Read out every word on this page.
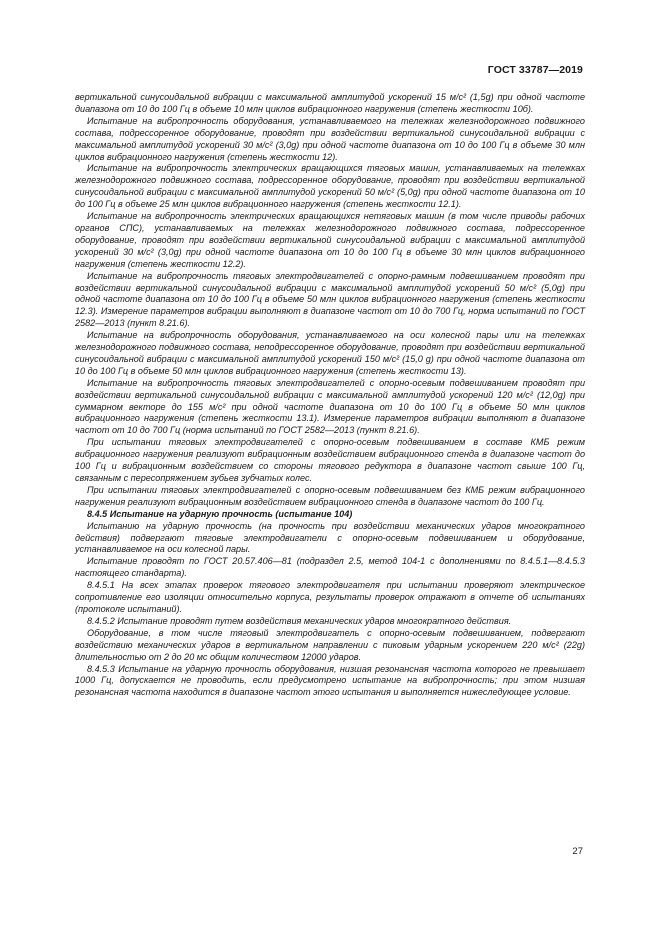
ГОСТ 33787—2019

вертикальной синусоидальной вибрации с максимальной амплитудой ускорений 15 м/с² (1,5g) при одной частоте диапазона от 10 до 100 Гц в объеме 10 млн циклов вибрационного нагружения (степень жесткости 10б).

Испытание на вибропрочность оборудования, устанавливаемого на тележках железнодорожного подвижного состава, подрессоренное оборудование, проводят при воздействии вертикальной синусоидальной вибрации с максимальной амплитудой ускорений 30 м/с² (3,0g) при одной частоте диапазона от 10 до 100 Гц в объеме 30 млн циклов вибрационного нагружения (степень жесткости 12).

Испытание на вибропрочность электрических вращающихся тяговых машин, устанавливаемых на тележках железнодорожного подвижного состава, подрессоренное оборудование, проводят при воздействии вертикальной синусоидальной вибрации с максимальной амплитудой ускорений 50 м/с² (5,0g) при одной частоте диапазона от 10 до 100 Гц в объеме 25 млн циклов вибрационного нагружения (степень жесткости 12.1).

Испытание на вибропрочность электрических вращающихся нетяговых машин (в том числе приводы рабочих органов СПС), устанавливаемых на тележках железнодорожного подвижного состава, подрессоренное оборудование, проводят при воздействии вертикальной синусоидальной вибрации с максимальной амплитудой ускорений 30 м/с² (3,0g) при одной частоте диапазона от 10 до 100 Гц в объеме 30 млн циклов вибрационного нагружения (степень жесткости 12.2).

Испытание на вибропрочность тяговых электродвигателей с опорно-рамным подвешиванием проводят при воздействии вертикальной синусоидальной вибрации с максимальной амплитудой ускорений 50 м/с² (5,0g) при одной частоте диапазона от 10 до 100 Гц в объеме 50 млн циклов вибрационного нагружения (степень жесткости 12.3). Измерение параметров вибрации выполняют в диапазоне частот от 10 до 700 Гц, норма испытаний по ГОСТ 2582—2013 (пункт 8.21.6).

Испытание на вибропрочность оборудования, устанавливаемого на оси колесной пары или на тележках железнодорожного подвижного состава, неподрессоренное оборудование, проводят при воздействии вертикальной синусоидальной вибрации с максимальной амплитудой ускорений 150 м/с² (15,0 g) при одной частоте диапазона от 10 до 100 Гц в объеме 50 млн циклов вибрационного нагружения (степень жесткости 13).

Испытание на вибропрочность тяговых электродвигателей с опорно-осевым подвешиванием проводят при воздействии вертикальной синусоидальной вибрации с максимальной амплитудой ускорений 120 м/с² (12,0g) при суммарном векторе до 155 м/с² при одной частоте диапазона от 10 до 100 Гц в объеме 50 млн циклов вибрационного нагружения (степень жесткости 13.1). Измерение параметров вибрации выполняют в диапазоне частот от 10 до 700 Гц (норма испытаний по ГОСТ 2582—2013 (пункт 8.21.6).

При испытании тяговых электродвигателей с опорно-осевым подвешиванием в составе КМБ режим вибрационного нагружения реализуют вибрационным воздействием вибрационного стенда в диапазоне частот до 100 Гц и вибрационным воздействием со стороны тягового редуктора в диапазоне частот свыше 100 Гц, связанным с пересопряжением зубьев зубчатых колес.

При испытании тяговых электродвигателей с опорно-осевым подвешиванием без КМБ режим вибрационного нагружения реализуют вибрационным воздействием вибрационного стенда в диапазоне частот до 100 Гц.

8.4.5 Испытание на ударную прочность (испытание 104)

Испытанию на ударную прочность (на прочность при воздействии механических ударов многократного действия) подвергают тяговые электродвигатели с опорно-осевым подвешиванием и оборудование, устанавливаемое на оси колесной пары.

Испытание проводят по ГОСТ 20.57.406—81 (подраздел 2.5, метод 104-1 с дополнениями по 8.4.5.1—8.4.5.3 настоящего стандарта).

8.4.5.1 На всех этапах проверок тягового электродвигателя при испытании проверяют электрическое сопротивление его изоляции относительно корпуса, результаты проверок отражают в отчете об испытаниях (протоколе испытаний).

8.4.5.2 Испытание проводят путем воздействия механических ударов многократного действия.

Оборудование, в том числе тяговый электродвигатель с опорно-осевым подвешиванием, подвергают воздействию механических ударов в вертикальном направлении с пиковым ударным ускорением 220 м/с² (22g) длительностью от 2 до 20 мс общим количеством 12000 ударов.

8.4.5.3 Испытание на ударную прочность оборудования, низшая резонансная частота которого не превышает 1000 Гц, допускается не проводить, если предусмотрено испытание на вибропрочность; при этом низшая резонансная частота находится в диапазоне частот этого испытания и выполняется нижеследующее условие.

27
